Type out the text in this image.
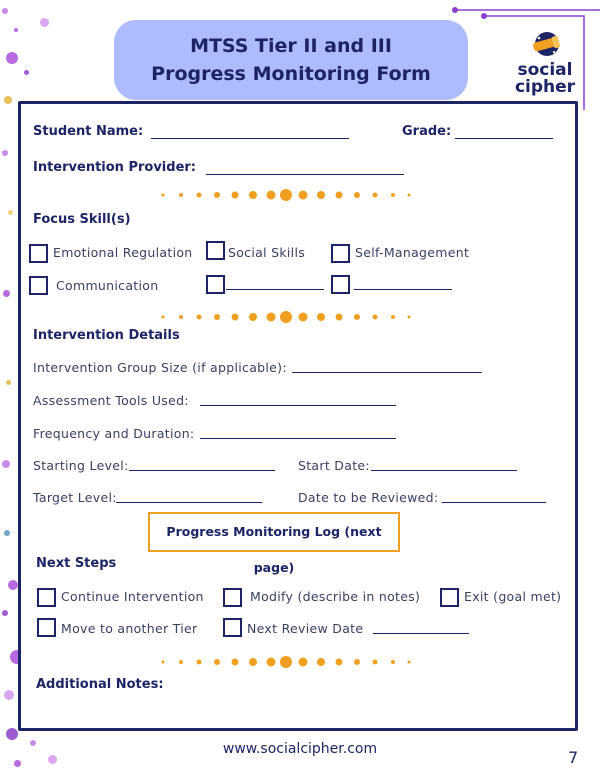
MTSS Tier II and III
Progress Monitoring Form	social
cipher
Student Name:	Grade:
Intervention Provider:
Focus Skill(s)
Emotional Regulation	Social Skills	Self-Management
Communication
Intervention Details
Intervention Group Size (if applicable):
Assessment Tools Used:
Frequency and Duration:
Starting Level:	Start Date:
Target Level:	Date to be Reviewed:
Progress Monitoring Log (next page)
Next Steps
Continue Intervention	Modify (describe in notes)	Exit (goal met)
Move to another Tier	Next Review Date
Additional Notes:
www.socialcipher.com	7
